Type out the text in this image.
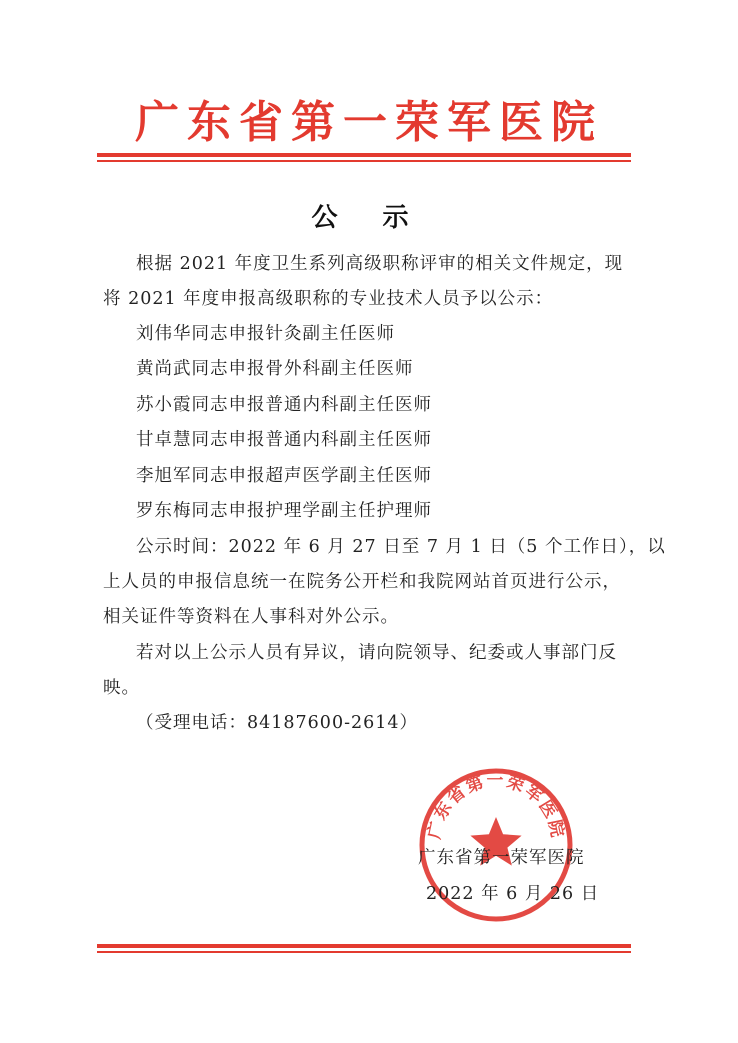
广东省第一荣军医院
公 示
根据 2021 年度卫生系列高级职称评审的相关文件规定，现
将 2021 年度申报高级职称的专业技术人员予以公示：
刘伟华同志申报针灸副主任医师
黄尚武同志申报骨外科副主任医师
苏小霞同志申报普通内科副主任医师
甘卓慧同志申报普通内科副主任医师
李旭军同志申报超声医学副主任医师
罗东梅同志申报护理学副主任护理师
公示时间：2022 年 6 月 27 日至 7 月 1 日（5 个工作日），以
上人员的申报信息统一在院务公开栏和我院网站首页进行公示，
相关证件等资料在人事科对外公示。
若对以上公示人员有异议，请向院领导、纪委或人事部门反
映。
（受理电话：84187600-2614）
广东省第一荣军医院
广东省第一荣军医院
2022 年 6 月 26 日
